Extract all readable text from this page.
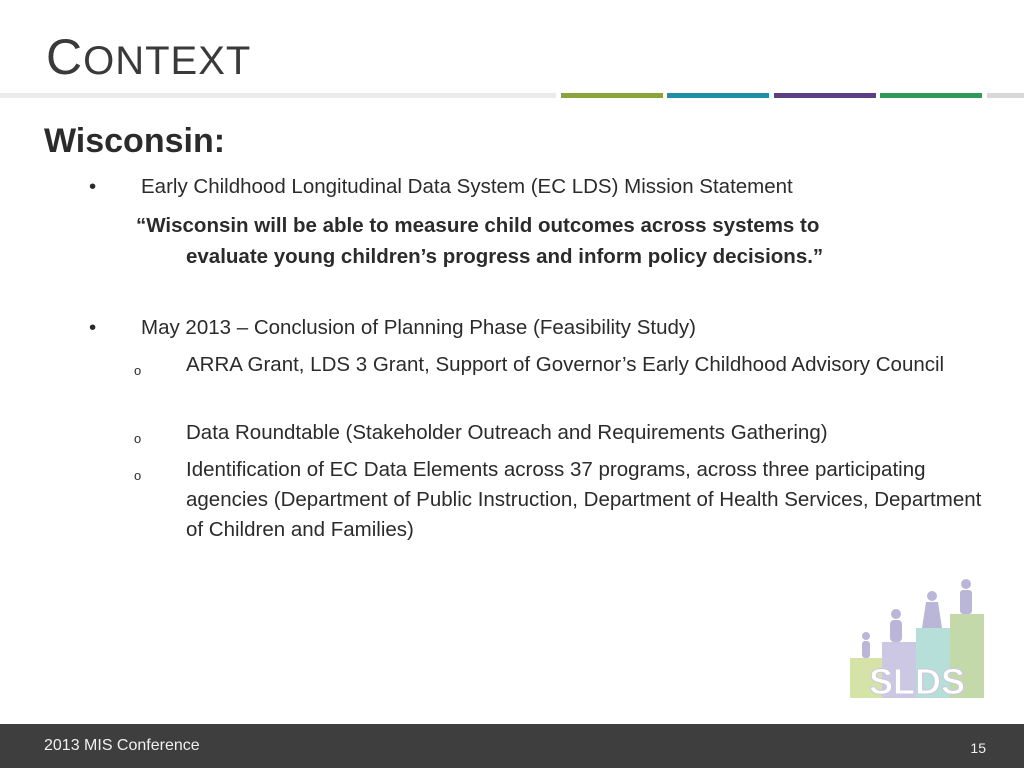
CONTEXT
Wisconsin:
• Early Childhood Longitudinal Data System (EC LDS) Mission Statement
“Wisconsin will be able to measure child outcomes across systems to
evaluate young children’s progress and inform policy decisions.”
• May 2013 – Conclusion of Planning Phase (Feasibility Study)
o ARRA Grant, LDS 3 Grant, Support of Governor’s Early Childhood Advisory Council
o Data Roundtable (Stakeholder Outreach and Requirements Gathering)
o Identification of EC Data Elements across 37 programs, across three participating agencies (Department of Public Instruction, Department of Health Services, Department of Children and Families)
SLDS
2013 MIS Conference	15
